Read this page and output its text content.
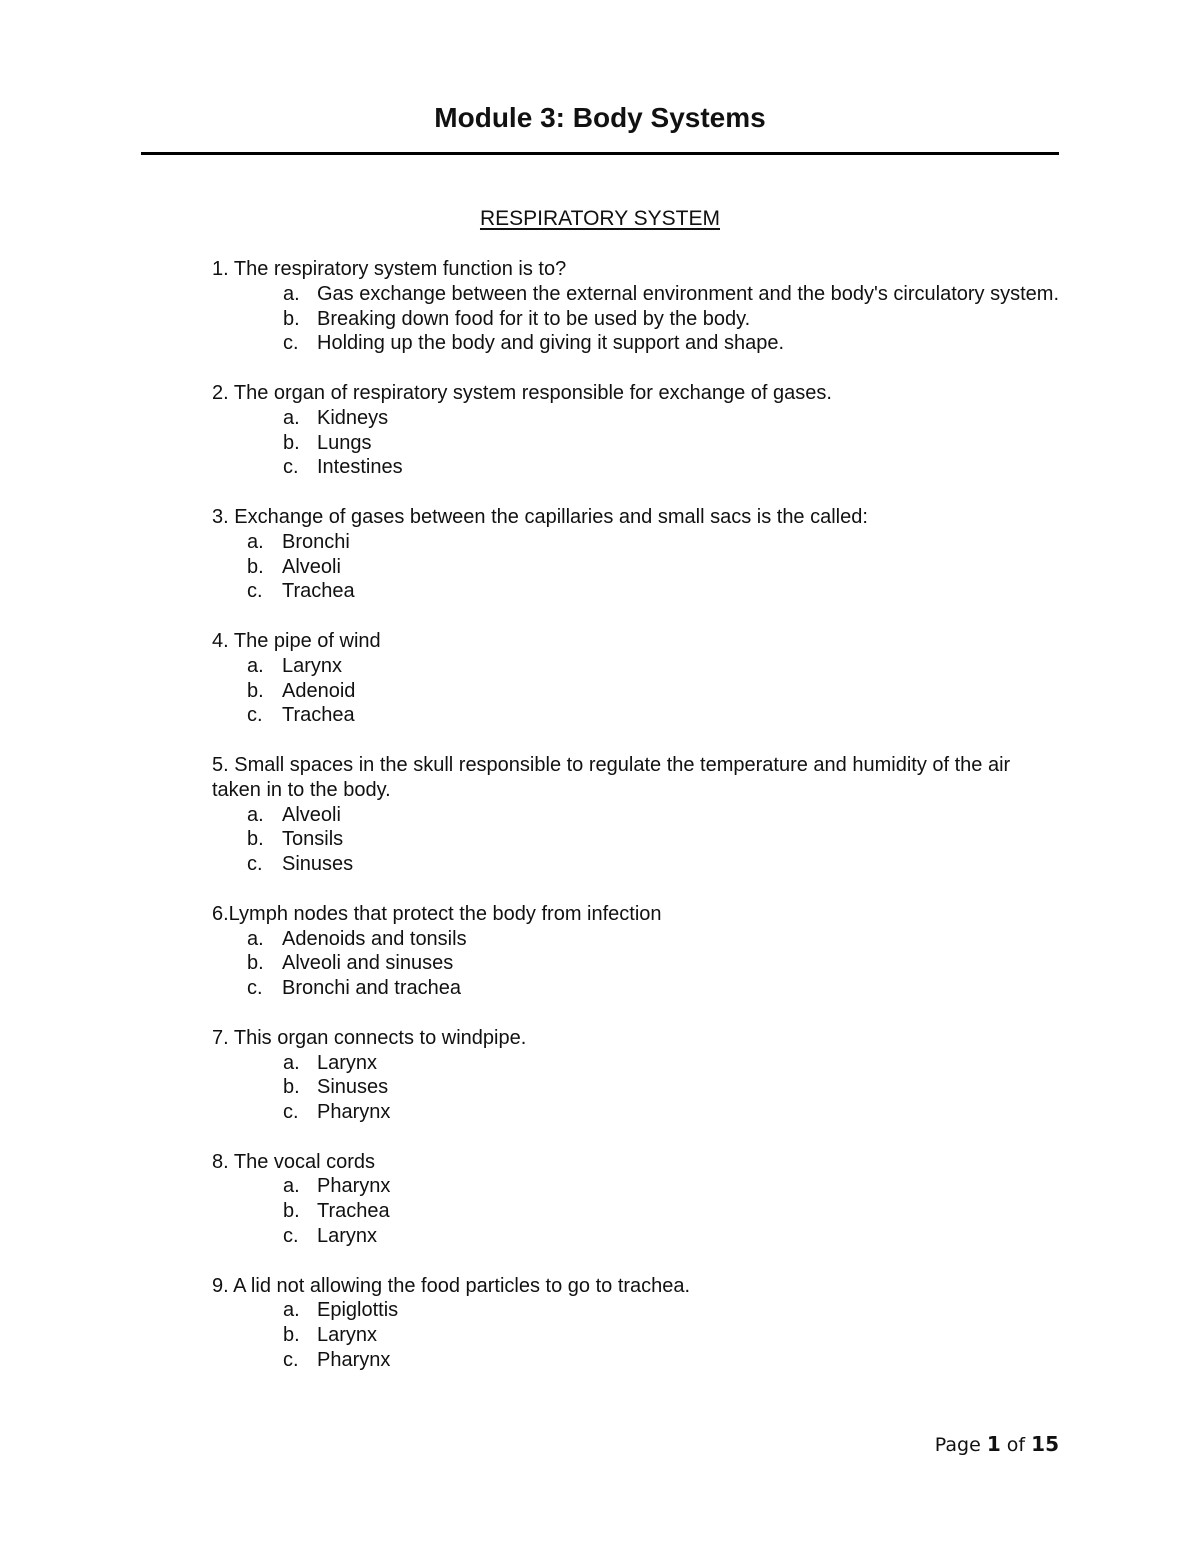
Module 3: Body Systems
RESPIRATORY SYSTEM

1. The respiratory system function is to?

a. Gas exchange between the external environment and the body's circulatory system.
b. Breaking down food for it to be used by the body.
c. Holding up the body and giving it support and shape.

2. The organ of respiratory system responsible for exchange of gases.

a. Kidneys
b. Lungs
c. Intestines

3. Exchange of gases between the capillaries and small sacs is the called:

a. Bronchi
b. Alveoli
c. Trachea

4. The pipe of wind

a. Larynx
b. Adenoid
c. Trachea

5. Small spaces in the skull responsible to regulate the temperature and humidity of the air taken in to the body.

a. Alveoli
b. Tonsils
c. Sinuses

6.Lymph nodes that protect the body from infection

a. Adenoids and tonsils
b. Alveoli and sinuses
c. Bronchi and trachea

7. This organ connects to windpipe.

a. Larynx
b. Sinuses
c. Pharynx

8. The vocal cords

a. Pharynx
b. Trachea
c. Larynx

9. A lid not allowing the food particles to go to trachea.

a. Epiglottis
b. Larynx
c. Pharynx
Page 1 of 15
